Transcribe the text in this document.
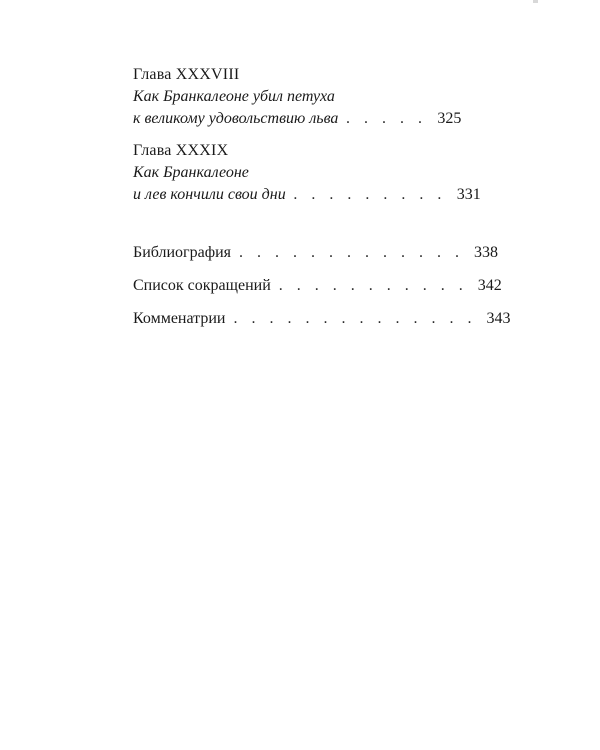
Глава XXXVIII
Как Бранкалеоне убил петуха
к великому удовольствию льва . . . . . 325
Глава XXXIX
Как Бранкалеоне
и лев кончили свои дни . . . . . . . . . 331
Библиография . . . . . . . . . . . . . 338
Список сокращений . . . . . . . . . . . 342
Комменатрии . . . . . . . . . . . . . . 343
